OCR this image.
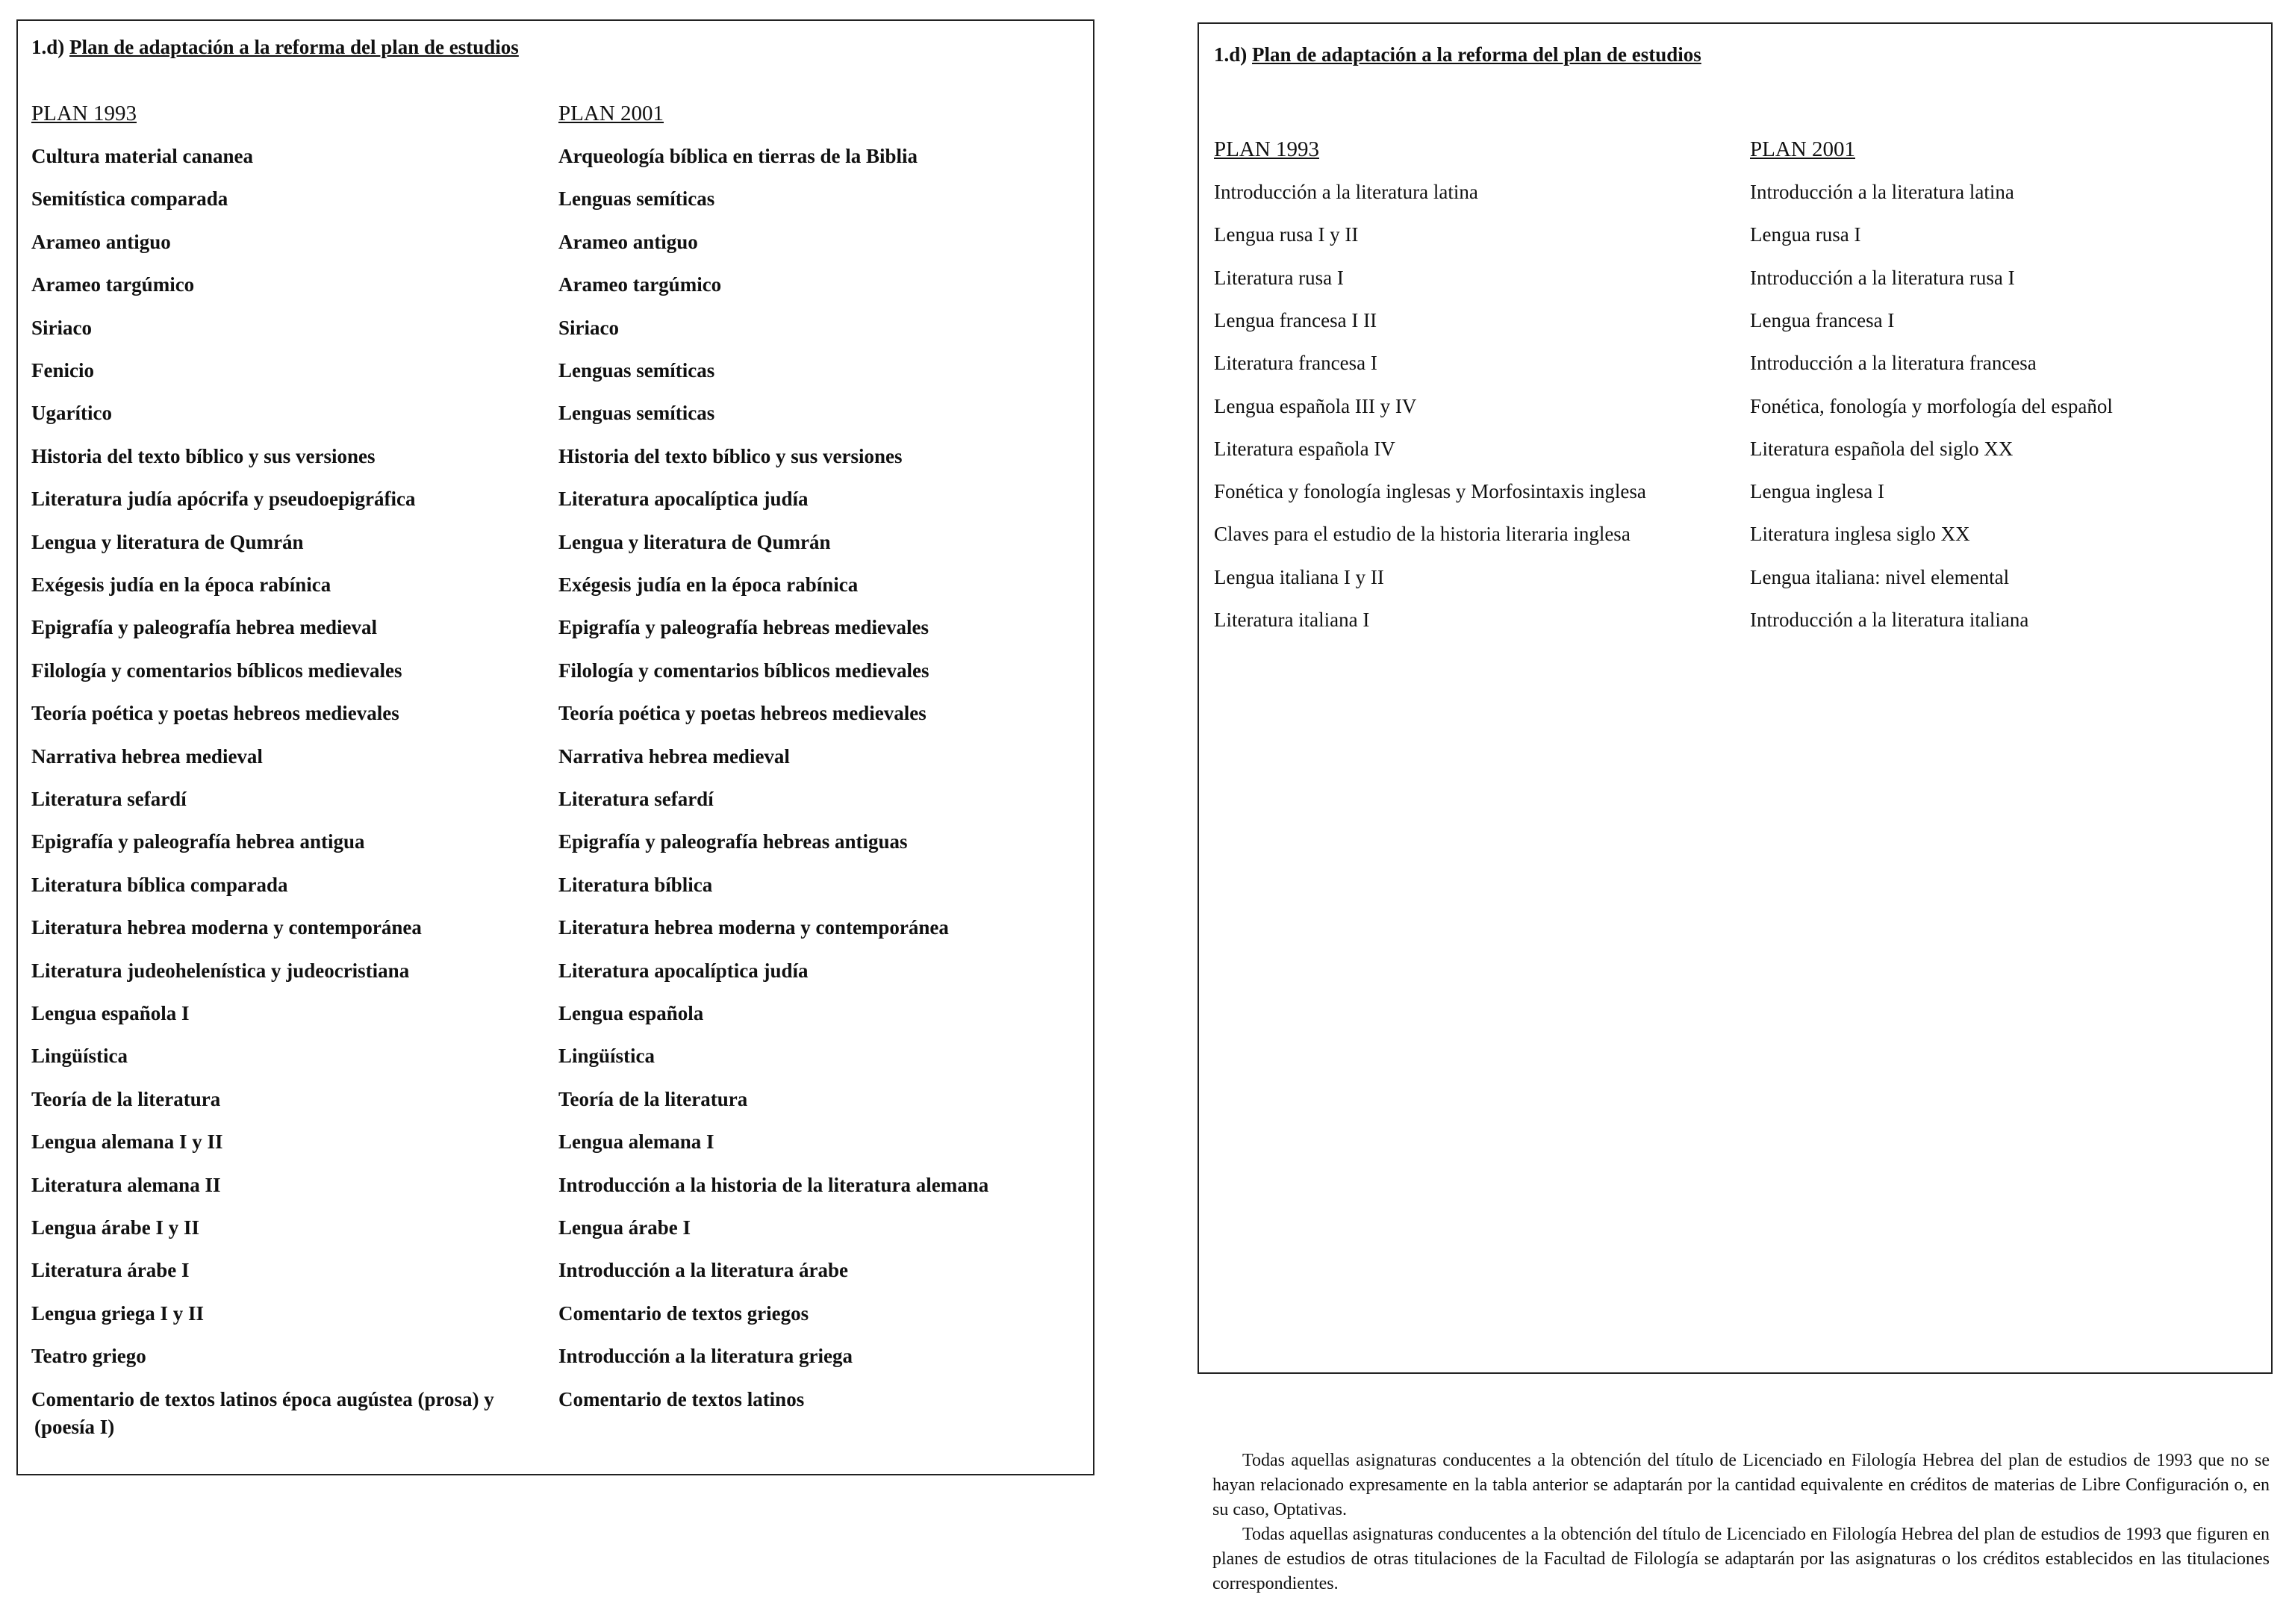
1.d) Plan de adaptación a la reforma del plan de estudios
PLAN 1993
Cultura material cananea
Semitística comparada
Arameo antiguo
Arameo targúmico
Siriaco
Fenicio
Ugarítico
Historia del texto bíblico y sus versiones
Literatura judía apócrifa y pseudoepigráfica
Lengua y literatura de Qumrán
Exégesis judía en la época rabínica
Epigrafía y paleografía hebrea medieval
Filología y comentarios bíblicos medievales
Teoría poética y poetas hebreos medievales
Narrativa hebrea medieval
Literatura sefardí
Epigrafía y paleografía hebrea antigua
Literatura bíblica comparada
Literatura hebrea moderna y contemporánea
Literatura judeohelenística y judeocristiana
Lengua española I
Lingüística
Teoría de la literatura
Lengua alemana I y II
Literatura alemana II
Lengua árabe I y II
Literatura árabe I
Lengua griega I y II
Teatro griego
Comentario de textos latinos época augústea (prosa) y
PLAN 2001
Arqueología bíblica en tierras de la Biblia
Lenguas semíticas
Arameo antiguo
Arameo targúmico
Siriaco
Lenguas semíticas
Lenguas semíticas
Historia del texto bíblico y sus versiones
Literatura apocalíptica judía
Lengua y literatura de Qumrán
Exégesis judía en la época rabínica
Epigrafía y paleografía hebreas medievales
Filología y comentarios bíblicos medievales
Teoría poética y poetas hebreos medievales
Narrativa hebrea medieval
Literatura sefardí
Epigrafía y paleografía hebreas antiguas
Literatura bíblica
Literatura hebrea moderna y contemporánea
Literatura apocalíptica judía
Lengua española
Lingüística
Teoría de la literatura
Lengua alemana I
Introducción a la historia de la literatura alemana
Lengua árabe I
Introducción a la literatura árabe
Comentario de textos griegos
Introducción a la literatura griega
Comentario de textos latinos
(poesía I)
1.d) Plan de adaptación a la reforma del plan de estudios
PLAN 1993
Introducción a la literatura latina
Lengua rusa I y II
Literatura rusa I
Lengua francesa I II
Literatura francesa I
Lengua española III y IV
Literatura española IV
Fonética y fonología inglesas y Morfosintaxis inglesa
Claves para el estudio de la historia literaria inglesa
Lengua italiana I y II
Literatura italiana I
PLAN 2001
Introducción a la literatura latina
Lengua rusa I
Introducción a la literatura rusa I
Lengua francesa I
Introducción a la literatura francesa
Fonética, fonología y morfología del español
Literatura española del siglo XX
Lengua inglesa I
Literatura inglesa siglo XX
Lengua italiana: nivel elemental
Introducción a la literatura italiana

Todas aquellas asignaturas conducentes a la obtención del título de Licenciado en Filología Hebrea del plan de estudios de 1993 que no se hayan relacionado expresamente en la tabla anterior se adaptarán por la cantidad equivalente en créditos de materias de Libre Configuración o, en su caso, Optativas.

Todas aquellas asignaturas conducentes a la obtención del título de Licenciado en Filología Hebrea del plan de estudios de 1993 que figuren en planes de estudios de otras titulaciones de la Facultad de Filología se adaptarán por las asignaturas o los créditos establecidos en las titulaciones correspondientes.
